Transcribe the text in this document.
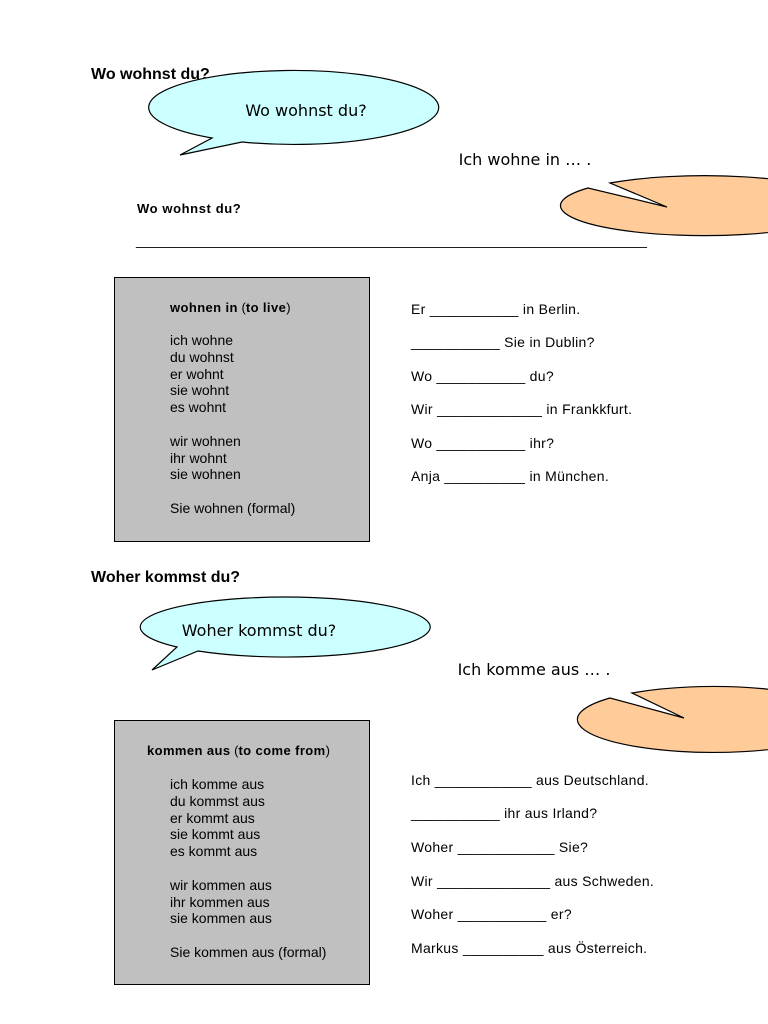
Wo wohnst du?
Wo wohnst du?
Ich wohne in … .
Wo wohnst du?
________________________________________________________________
wohnen in (to live)
ich wohne
du wohnst
er wohnt
sie wohnt
es wohnt
wir wohnen
ihr wohnt
sie wohnen
Sie wohnen (formal)
Er ___________ in Berlin.
___________ Sie in Dublin?
Wo ___________ du?
Wir _____________ in Frankkfurt.
Wo ___________ ihr?
Anja __________ in München.
Woher kommst du?
Woher kommst du?
Ich komme aus … .
kommen aus (to come from)
ich komme aus
du kommst aus
er kommt aus
sie kommt aus
es kommt aus
wir kommen aus
ihr kommen aus
sie kommen aus
Sie kommen aus (formal)
Ich ____________ aus Deutschland.
___________ ihr aus Irland?
Woher ____________ Sie?
Wir ______________ aus Schweden.
Woher ___________ er?
Markus __________ aus Österreich.
